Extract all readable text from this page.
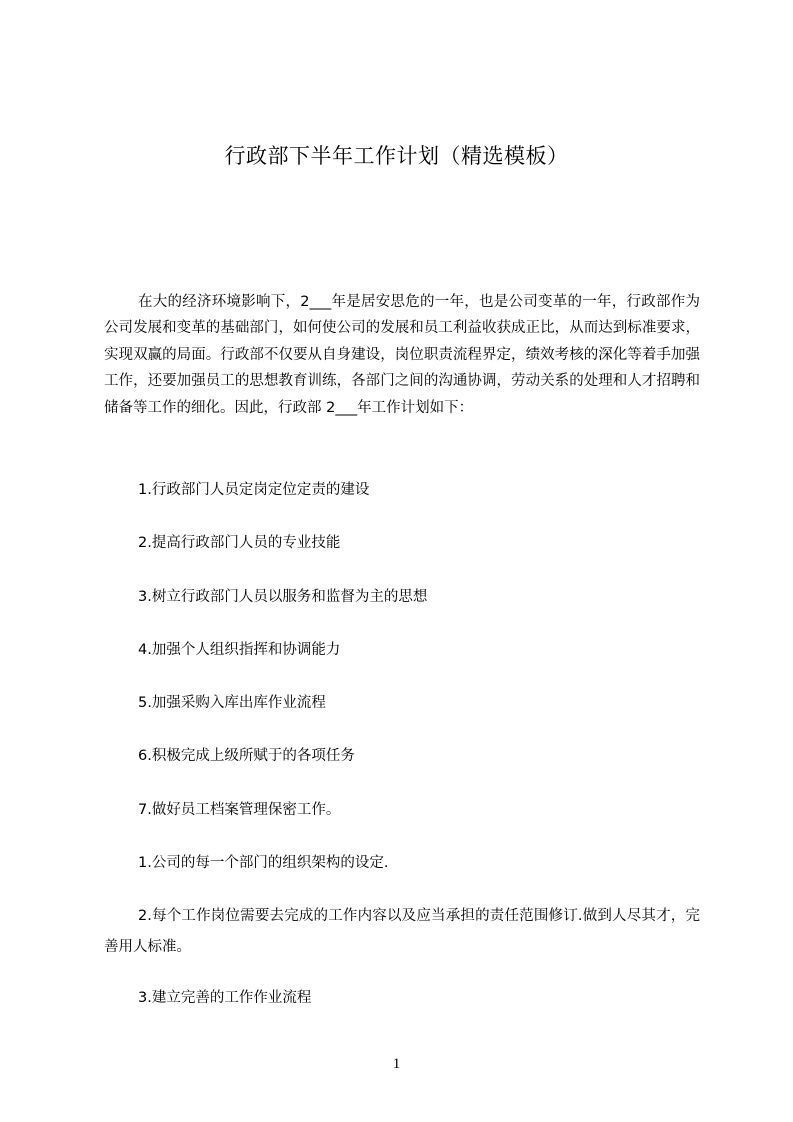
行政部下半年工作计划（精选模板）
在大的经济环境影响下，2___年是居安思危的一年，也是公司变革的一年，行政部作为公司发展和变革的基础部门，如何使公司的发展和员工利益收获成正比，从而达到标准要求，实现双赢的局面。行政部不仅要从自身建设，岗位职责流程界定，绩效考核的深化等着手加强工作，还要加强员工的思想教育训练，各部门之间的沟通协调，劳动关系的处理和人才招聘和储备等工作的细化。因此，行政部 2___年工作计划如下：
1.行政部门人员定岗定位定责的建设
2.提高行政部门人员的专业技能
3.树立行政部门人员以服务和监督为主的思想
4.加强个人组织指挥和协调能力
5.加强采购入库出库作业流程
6.积极完成上级所赋于的各项任务
7.做好员工档案管理保密工作。
1.公司的每一个部门的组织架构的设定.
2.每个工作岗位需要去完成的工作内容以及应当承担的责任范围修订.做到人尽其才，完善用人标准。
3.建立完善的工作作业流程
1
